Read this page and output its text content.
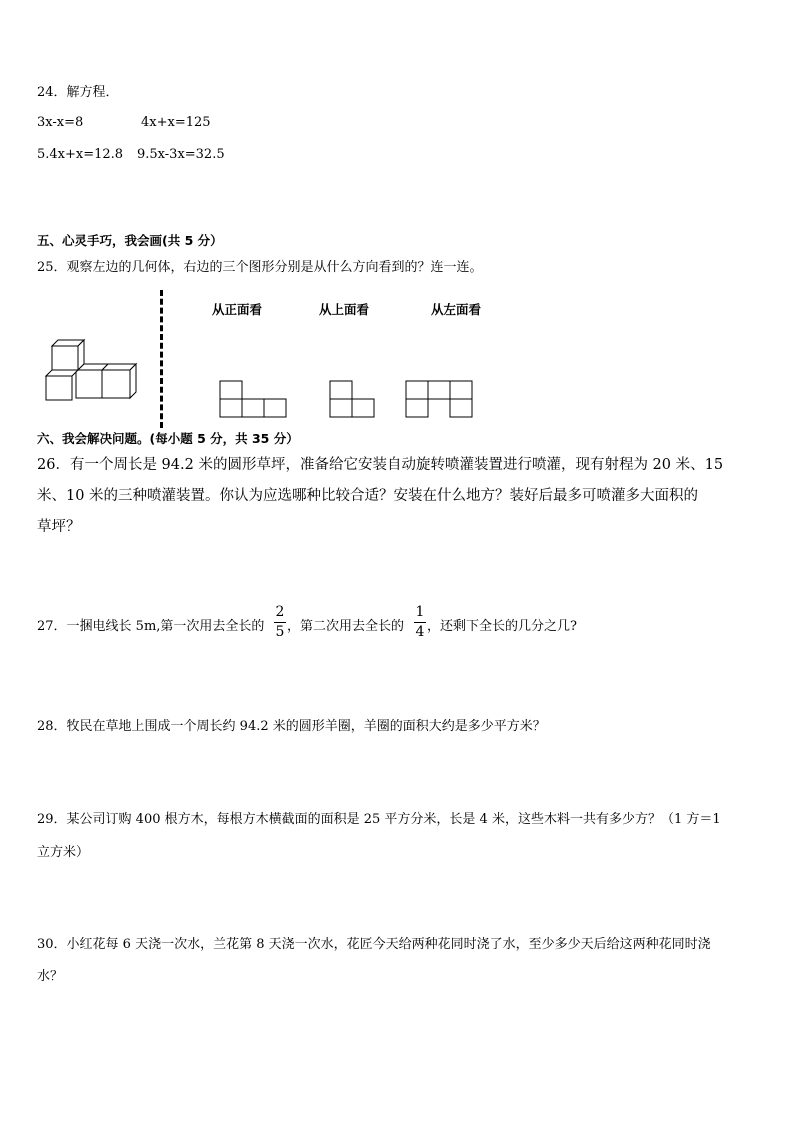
24．解方程．
3x-x=8	4x+x=125
5.4x+x=12.8 9.5x-3x=32.5
五、心灵手巧，我会画(共 5 分）
25．观察左边的几何体，右边的三个图形分别是从什么方向看到的？连一连。
从正面看	从上面看	从左面看
六、我会解决问题。(每小题 5 分，共 35 分）
26．有一个周长是 94.2 米的圆形草坪，准备给它安装自动旋转喷灌装置进行喷灌，现有射程为 20 米、15
米、10 米的三种喷灌装置。你认为应选哪种比较合适？安装在什么地方？装好后最多可喷灌多大面积的
草坪？
27．一捆电线长 5m,第一次用去全长的
2
5 ，第二次用去全长的
1
4 ，还剩下全长的几分之几?
28．牧民在草地上围成一个周长约 94.2 米的圆形羊圈，羊圈的面积大约是多少平方米？
29．某公司订购 400 根方木，每根方木横截面的面积是 25 平方分米，长是 4 米，这些木料一共有多少方？（1 方＝1
立方米）
30．小红花每 6 天浇一次水，兰花第 8 天浇一次水，花匠今天给两种花同时浇了水，至少多少天后给这两种花同时浇
水？
